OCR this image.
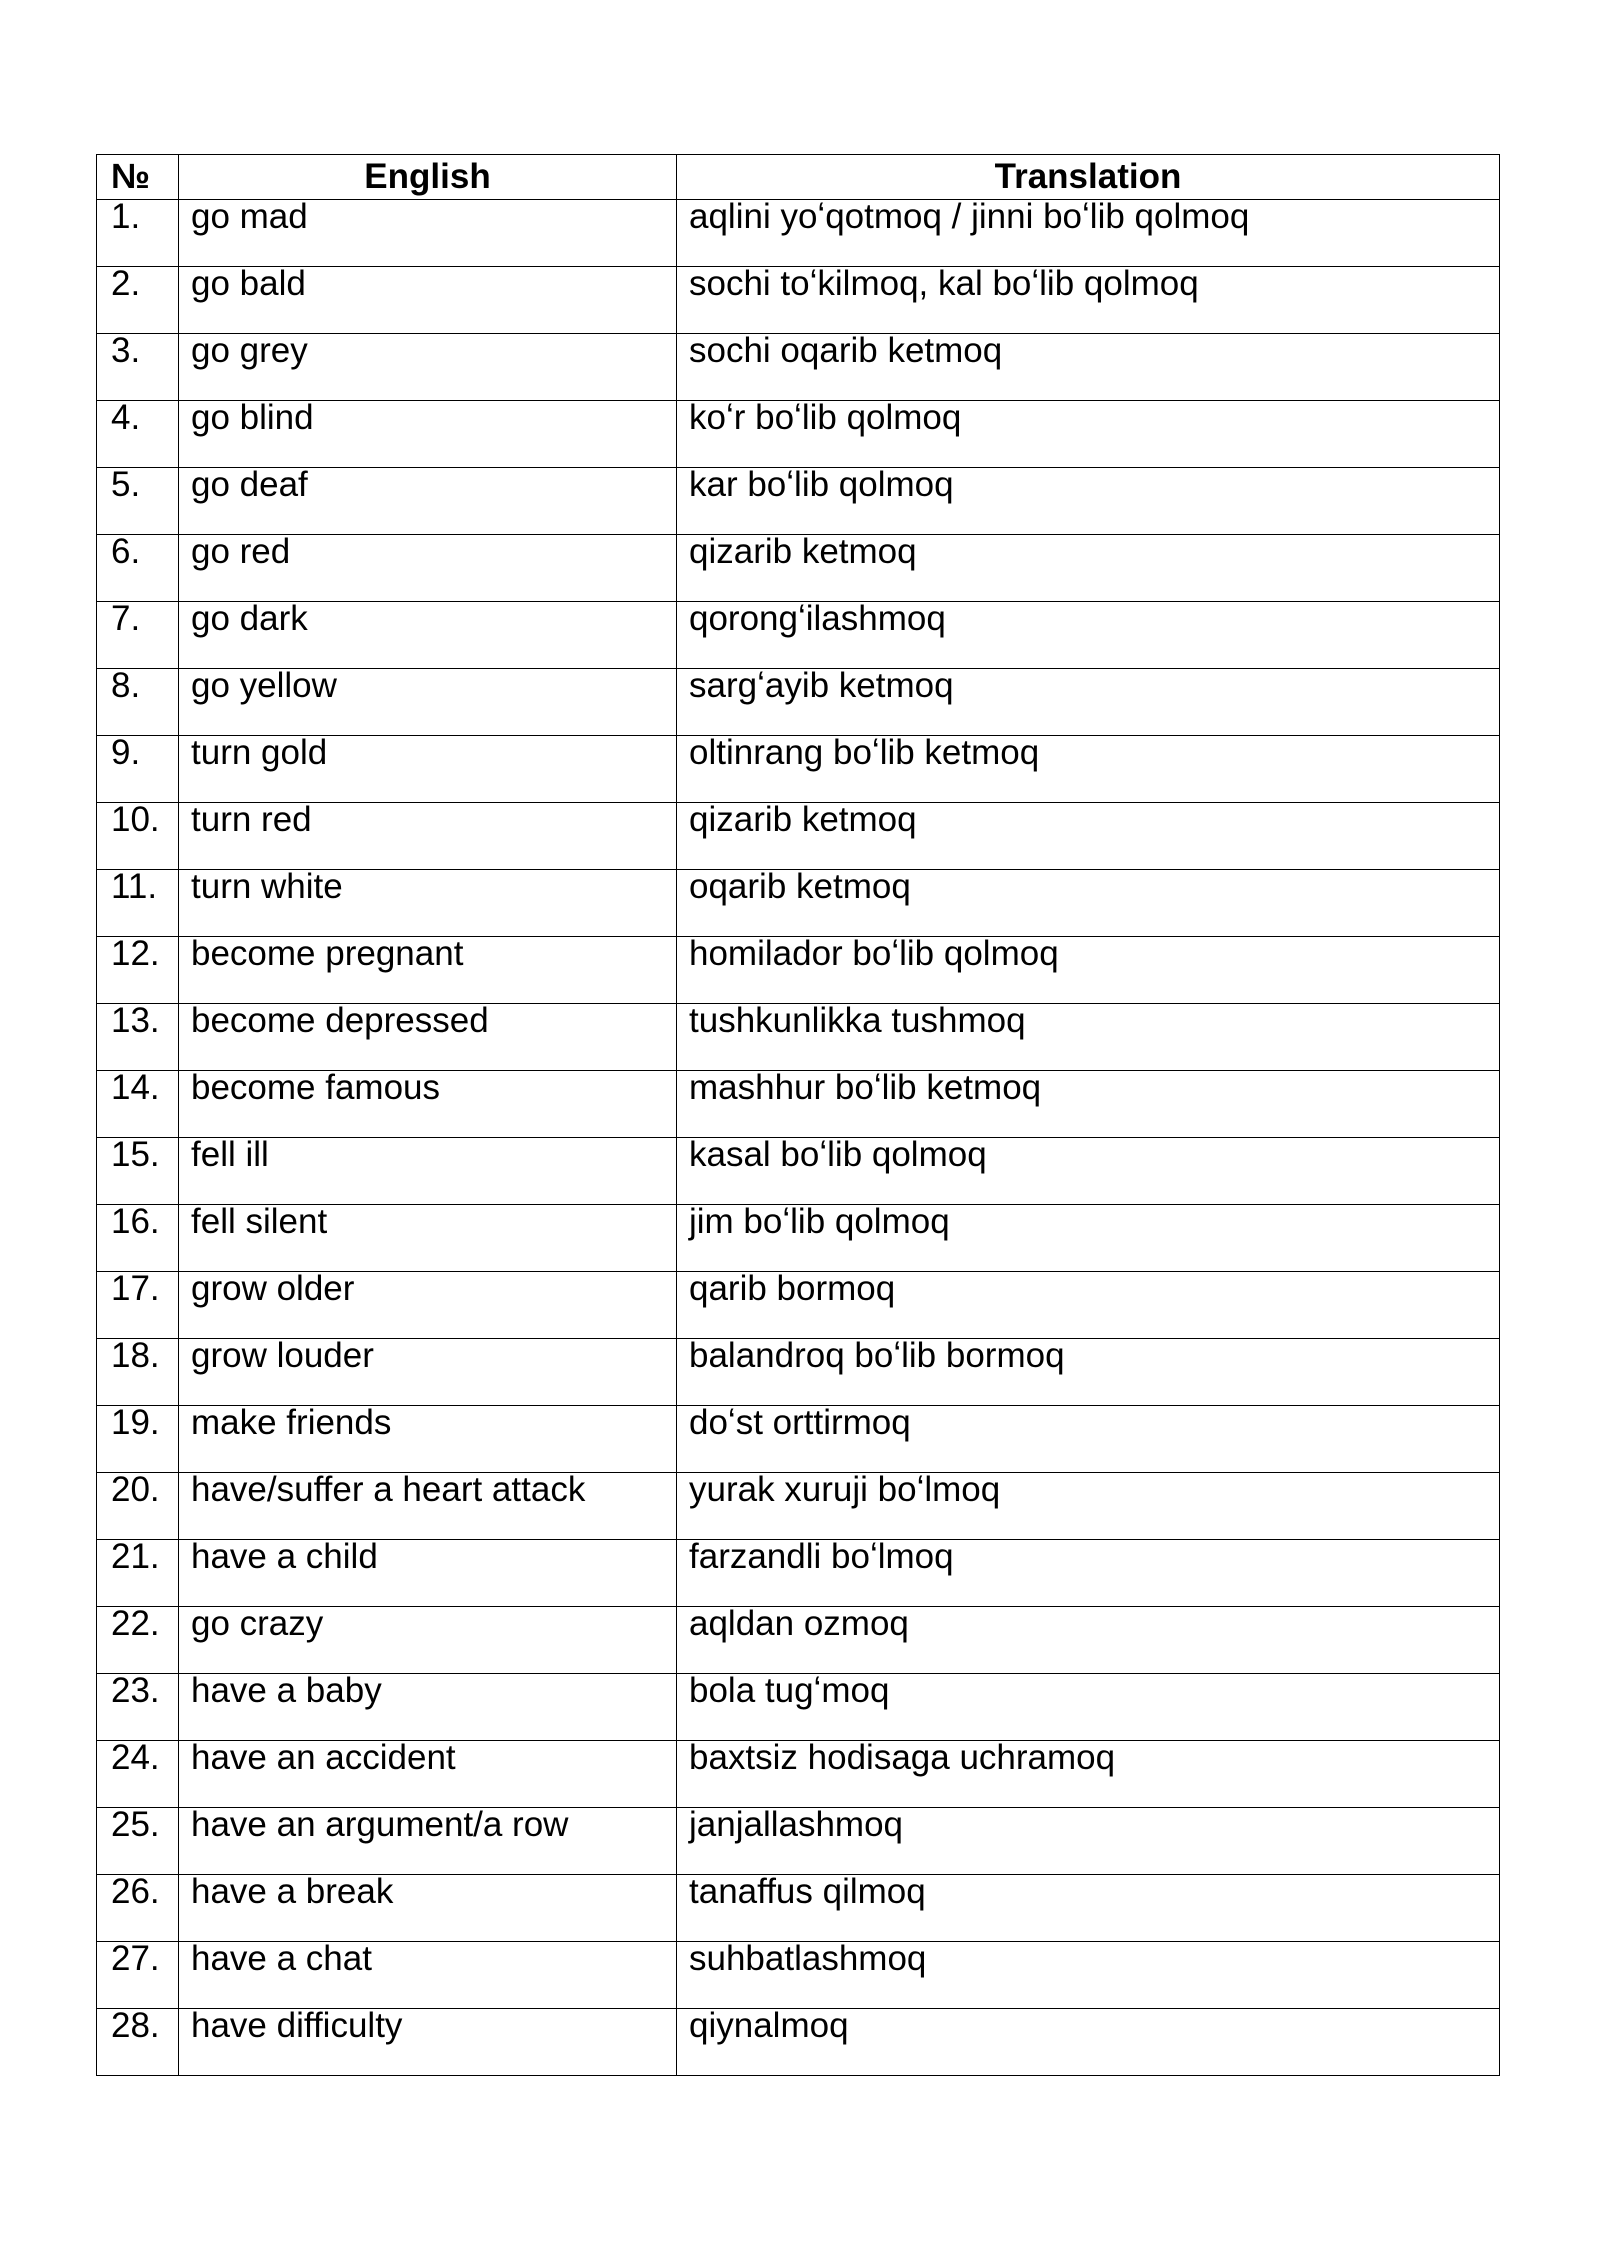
№	English	Translation

1.	go mad	aqlini yoʻqotmoq / jinni boʻlib qolmoq

2.	go bald	sochi toʻkilmoq, kal boʻlib qolmoq

3.	go grey	sochi oqarib ketmoq

4.	go blind	koʻr boʻlib qolmoq

5.	go deaf	kar boʻlib qolmoq

6.	go red	qizarib ketmoq

7.	go dark	qorongʻilashmoq

8.	go yellow	sargʻayib ketmoq

9.	turn gold	oltinrang boʻlib ketmoq

10.	turn red	qizarib ketmoq

11.	turn white	oqarib ketmoq

12.	become pregnant	homilador boʻlib qolmoq

13.	become depressed	tushkunlikka tushmoq

14.	become famous	mashhur boʻlib ketmoq

15.	fell ill	kasal boʻlib qolmoq

16.	fell silent	jim boʻlib qolmoq

17.	grow older	qarib bormoq

18.	grow louder	balandroq boʻlib bormoq

19.	make friends	doʻst orttirmoq

20.	have/suffer a heart attack	yurak xuruji boʻlmoq

21.	have a child	farzandli boʻlmoq

22.	go crazy	aqldan ozmoq

23.	have a baby	bola tugʻmoq

24.	have an accident	baxtsiz hodisaga uchramoq

25.	have an argument/a row	janjallashmoq

26.	have a break	tanaffus qilmoq

27.	have a chat	suhbatlashmoq

28.	have difficulty	qiynalmoq
